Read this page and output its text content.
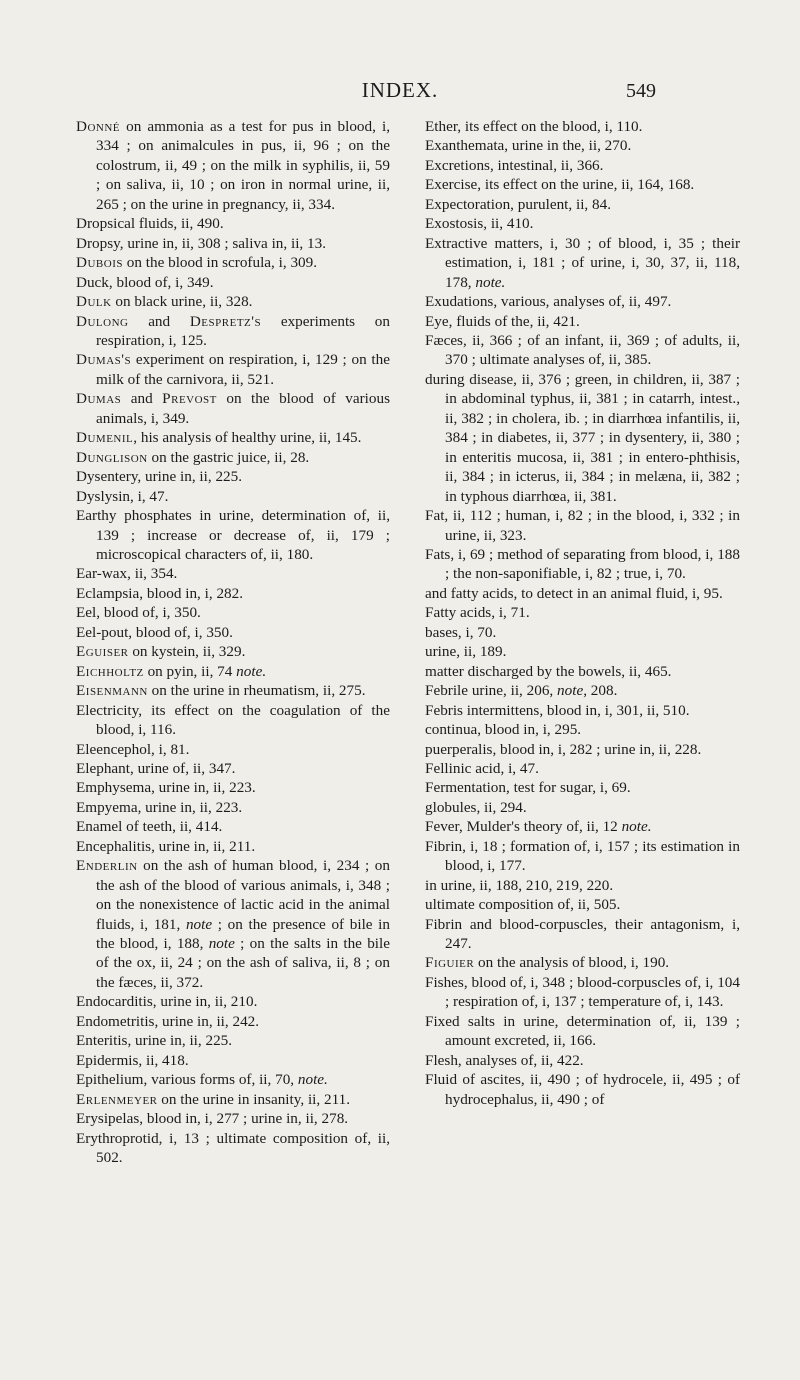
INDEX.	549
Donné on ammonia as a test for pus in blood, i, 334 ; on animalcules in pus, ii, 96 ; on the colostrum, ii, 49 ; on the milk in syphilis, ii, 59 ; on saliva, ii, 10 ; on iron in normal urine, ii, 265 ; on the urine in pregnancy, ii, 334.
Dropsical fluids, ii, 490.
Dropsy, urine in, ii, 308 ; saliva in, ii, 13.
Dubois on the blood in scrofula, i, 309.
Duck, blood of, i, 349.
Dulk on black urine, ii, 328.
Dulong and Despretz's experiments on respiration, i, 125.
Dumas's experiment on respiration, i, 129 ; on the milk of the carnivora, ii, 521.
Dumas and Prevost on the blood of various animals, i, 349.
Dumenil, his analysis of healthy urine, ii, 145.
Dunglison on the gastric juice, ii, 28.
Dysentery, urine in, ii, 225.
Dyslysin, i, 47.
Earthy phosphates in urine, determination of, ii, 139 ; increase or decrease of, ii, 179 ; microscopical characters of, ii, 180.
Ear-wax, ii, 354.
Eclampsia, blood in, i, 282.
Eel, blood of, i, 350.
Eel-pout, blood of, i, 350.
Eguiser on kystein, ii, 329.
Eichholtz on pyin, ii, 74 note.
Eisenmann on the urine in rheumatism, ii, 275.
Electricity, its effect on the coagulation of the blood, i, 116.
Eleencephol, i, 81.
Elephant, urine of, ii, 347.
Emphysema, urine in, ii, 223.
Empyema, urine in, ii, 223.
Enamel of teeth, ii, 414.
Encephalitis, urine in, ii, 211.
Enderlin on the ash of human blood, i, 234 ; on the ash of the blood of various animals, i, 348 ; on the nonexistence of lactic acid in the animal fluids, i, 181, note ; on the presence of bile in the blood, i, 188, note ; on the salts in the bile of the ox, ii, 24 ; on the ash of saliva, ii, 8 ; on the fæces, ii, 372.
Endocarditis, urine in, ii, 210.
Endometritis, urine in, ii, 242.
Enteritis, urine in, ii, 225.
Epidermis, ii, 418.
Epithelium, various forms of, ii, 70, note.
Erlenmeyer on the urine in insanity, ii, 211.
Erysipelas, blood in, i, 277 ; urine in, ii, 278.
Erythroprotid, i, 13 ; ultimate composition of, ii, 502.
Ether, its effect on the blood, i, 110.
Exanthemata, urine in the, ii, 270.
Excretions, intestinal, ii, 366.
Exercise, its effect on the urine, ii, 164, 168.
Expectoration, purulent, ii, 84.
Exostosis, ii, 410.
Extractive matters, i, 30 ; of blood, i, 35 ; their estimation, i, 181 ; of urine, i, 30, 37, ii, 118, 178, note.
Exudations, various, analyses of, ii, 497.
Eye, fluids of the, ii, 421.
Fæces, ii, 366 ; of an infant, ii, 369 ; of adults, ii, 370 ; ultimate analyses of, ii, 385.
during disease, ii, 376 ; green, in children, ii, 387 ; in abdominal typhus, ii, 381 ; in catarrh, intest., ii, 382 ; in cholera, ib. ; in diarrhœa infantilis, ii, 384 ; in diabetes, ii, 377 ; in dysentery, ii, 380 ; in enteritis mucosa, ii, 381 ; in entero-phthisis, ii, 384 ; in icterus, ii, 384 ; in melæna, ii, 382 ; in typhous diarrhœa, ii, 381.
Fat, ii, 112 ; human, i, 82 ; in the blood, i, 332 ; in urine, ii, 323.
Fats, i, 69 ; method of separating from blood, i, 188 ; the non-saponifiable, i, 82 ; true, i, 70.
and fatty acids, to detect in an animal fluid, i, 95.
Fatty acids, i, 71.
bases, i, 70.
urine, ii, 189.
matter discharged by the bowels, ii, 465.
Febrile urine, ii, 206, note, 208.
Febris intermittens, blood in, i, 301, ii, 510.
continua, blood in, i, 295.
puerperalis, blood in, i, 282 ; urine in, ii, 228.
Fellinic acid, i, 47.
Fermentation, test for sugar, i, 69.
globules, ii, 294.
Fever, Mulder's theory of, ii, 12 note.
Fibrin, i, 18 ; formation of, i, 157 ; its estimation in blood, i, 177.
in urine, ii, 188, 210, 219, 220.
ultimate composition of, ii, 505.
Fibrin and blood-corpuscles, their antagonism, i, 247.
Figuier on the analysis of blood, i, 190.
Fishes, blood of, i, 348 ; blood-corpuscles of, i, 104 ; respiration of, i, 137 ; temperature of, i, 143.
Fixed salts in urine, determination of, ii, 139 ; amount excreted, ii, 166.
Flesh, analyses of, ii, 422.
Fluid of ascites, ii, 490 ; of hydrocele, ii, 495 ; of hydrocephalus, ii, 490 ; of
